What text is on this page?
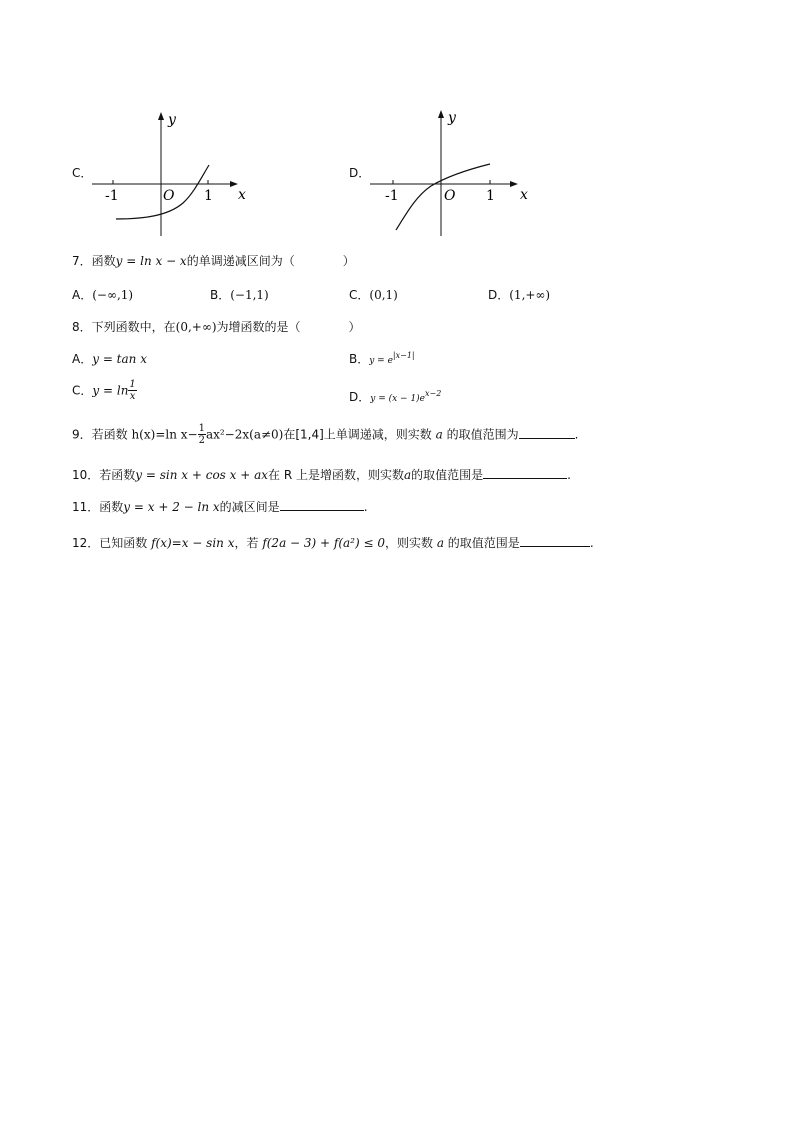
C．
y
x
O
-1	1
D．
y
x
O
-1	1
7．函数y = ln x − x的单调递减区间为（　　　　）
A．(−∞,1)	B．(−1,1)	C．(0,1)	D．(1,+∞)
8．下列函数中，在(0,+∞)为增函数的是（　　　　）
A．y = tan x	B．$y = e^{|x-1|}$
C．$y = \ln \frac{1}{x}$	D．$y = (x - 1)e^{x-2}$
9．若函数 h(x)=ln $x- \frac{1}{2} ax^2-2x(a\ne 0)$在[1,4]上单调递减，则实数 a 的取值范围为	.
10．若函数y = sin x + cos x + ax在 R 上是增函数，则实数a的取值范围是	.
11．函数y = x + 2 − ln x的减区间是	.
12．已知函数 f(x)=x − sin x，若 f(2a − 3) + f(a²) ≤ 0，则实数 a 的取值范围是	.
